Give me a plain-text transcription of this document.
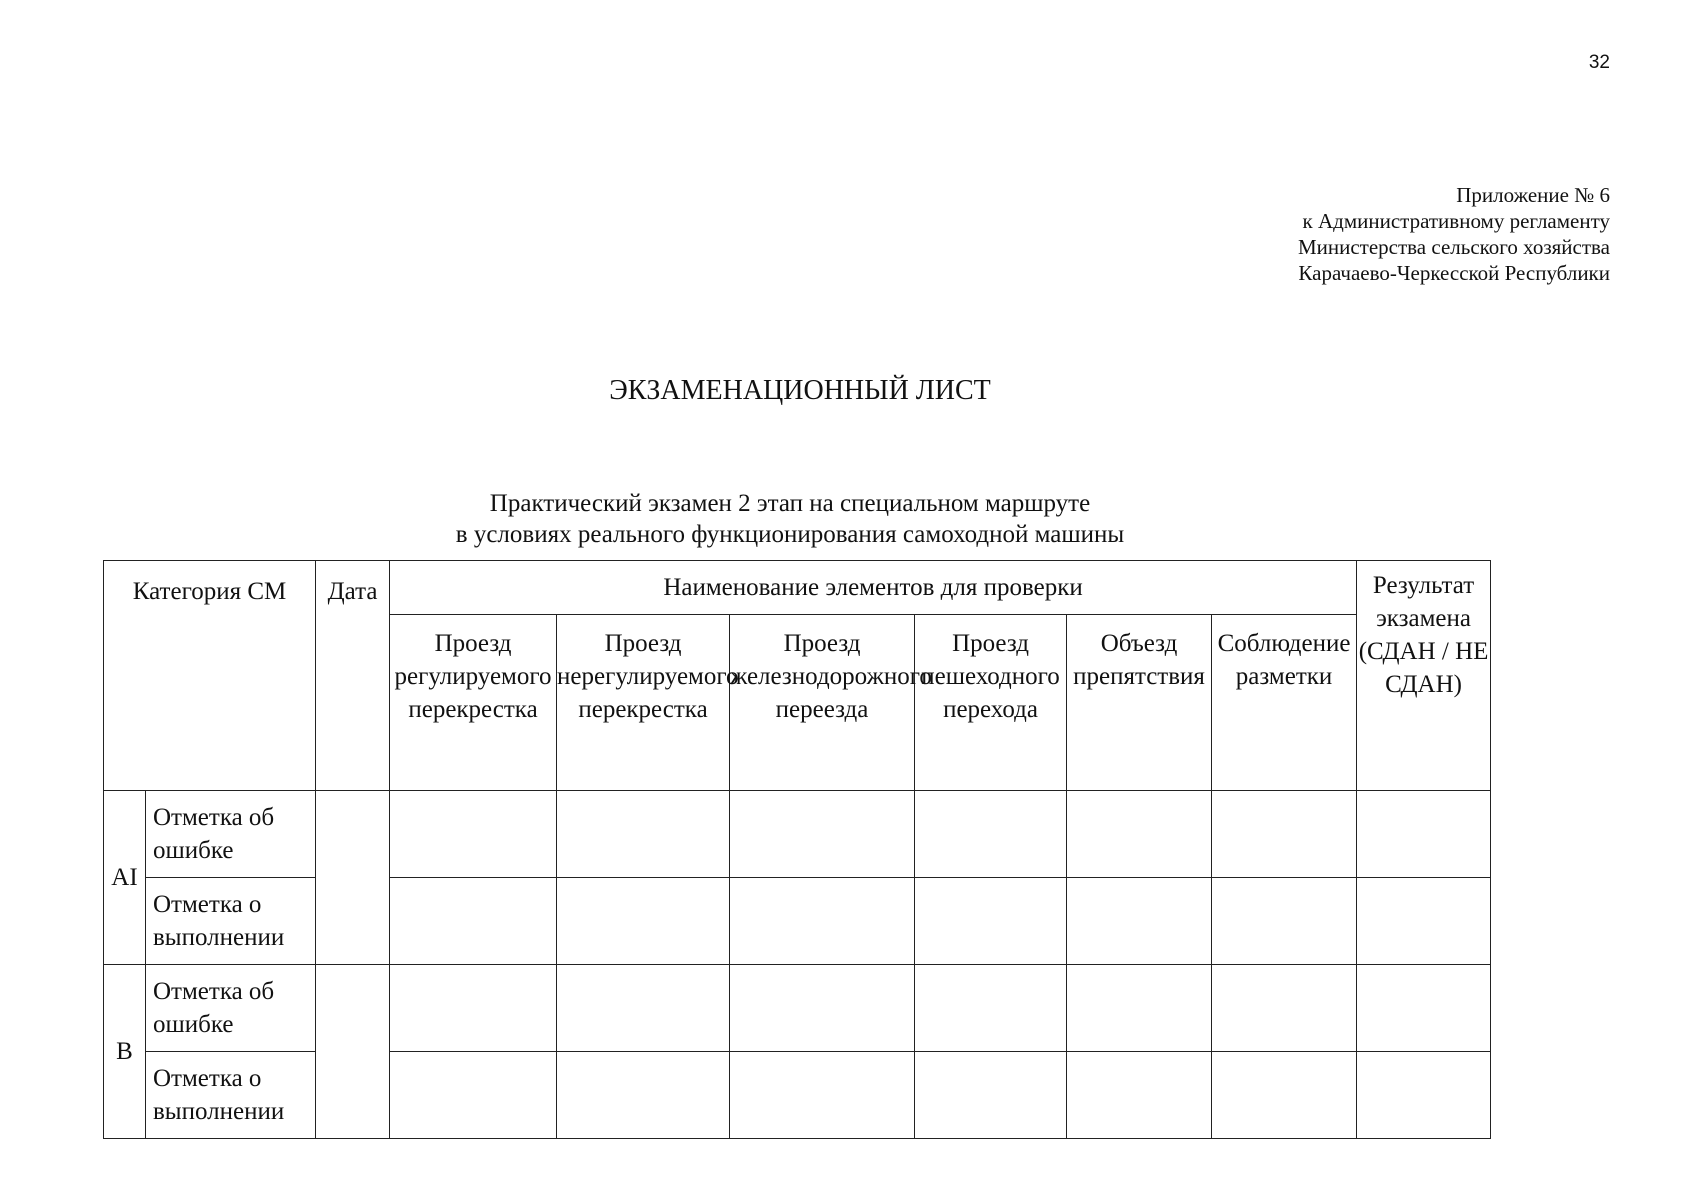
32
Приложение № 6
к Административному регламенту
Министерства сельского хозяйства
Карачаево-Черкесской Республики
ЭКЗАМЕНАЦИОННЫЙ ЛИСТ
Практический экзамен 2 этап на специальном маршруте
в условиях реального функционирования самоходной машины
Категория СМ		Дата	Наименование элементов для проверки						Результат экзамена (СДАН / НЕ СДАН)
			Проезд регулируемого перекрестка	Проезд нерегулируемого перекрестка	Проезд железнодорожного переезда	Проезд пешеходного перехода	Объезд препятствия	Соблюдение разметки	
AI	Отметка об ошибке								
	Отметка о выполнении								
B	Отметка об ошибке								
	Отметка о выполнении								
